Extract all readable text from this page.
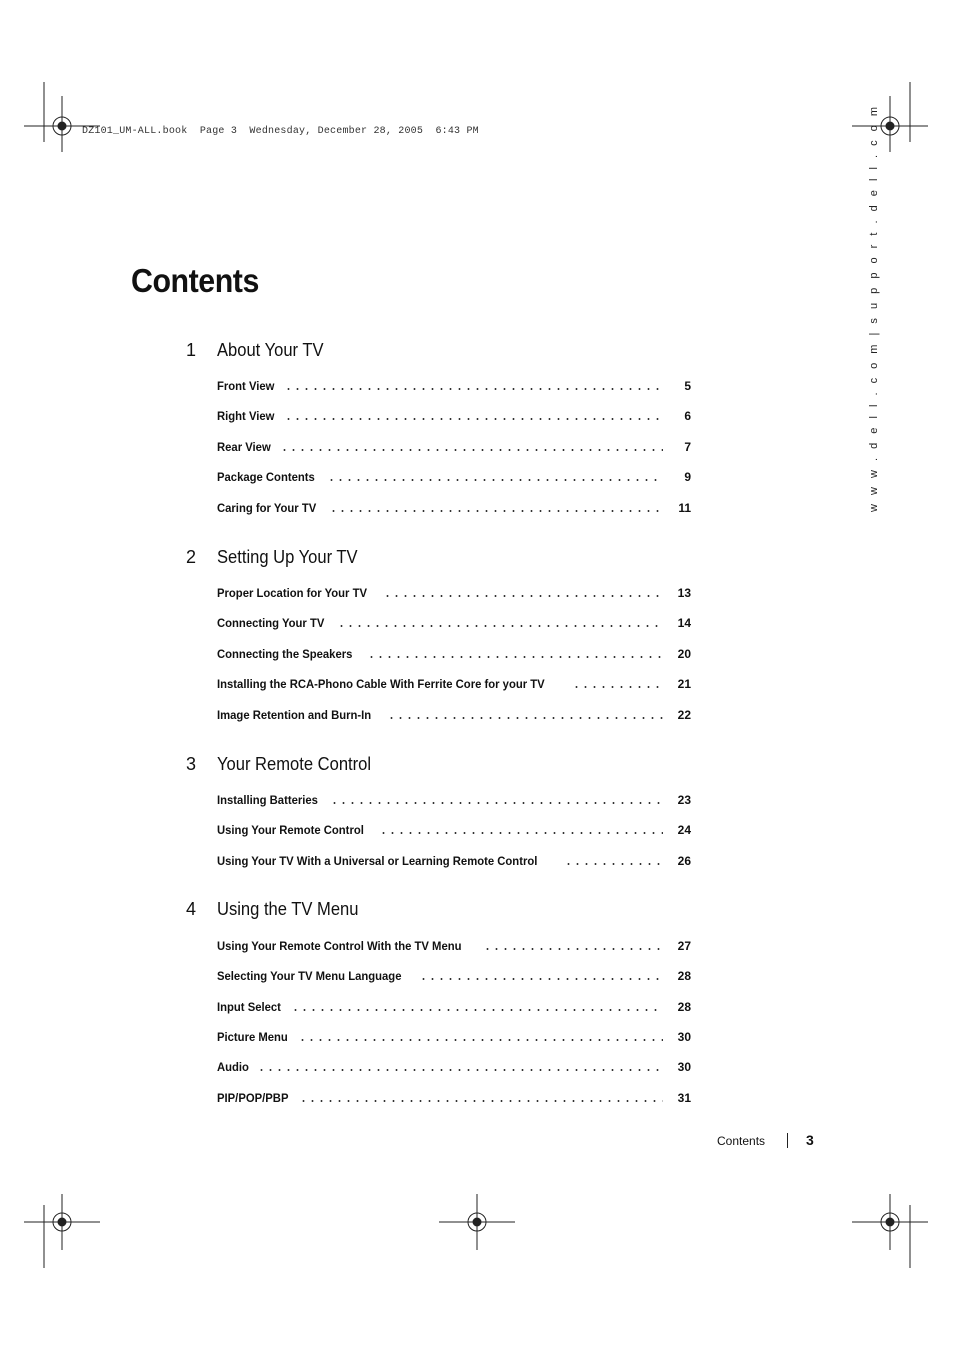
DZ101_UM-ALL.book  Page 3  Wednesday, December 28, 2005  6:43 PM
Contents	w w w . d e l l . c o m | s u p p o r t . d e l l . c o m
1 About Your TV
Front View	5
Right View	6
Rear View	7
Package Contents	9
Caring for Your TV	11
2 Setting Up Your TV
Proper Location for Your TV	13
Connecting Your TV	14
Connecting the Speakers	20
Installing the RCA-Phono Cable With Ferrite Core for your TV	21
Image Retention and Burn-In	22
3 Your Remote Control
Installing Batteries	23
Using Your Remote Control	24
Using Your TV With a Universal or Learning Remote Control	26
4 Using the TV Menu
Using Your Remote Control With the TV Menu	27
Selecting Your TV Menu Language	28
Input Select	28
Picture Menu	30
Audio	30
PIP/POP/PBP	31
Contents	3
